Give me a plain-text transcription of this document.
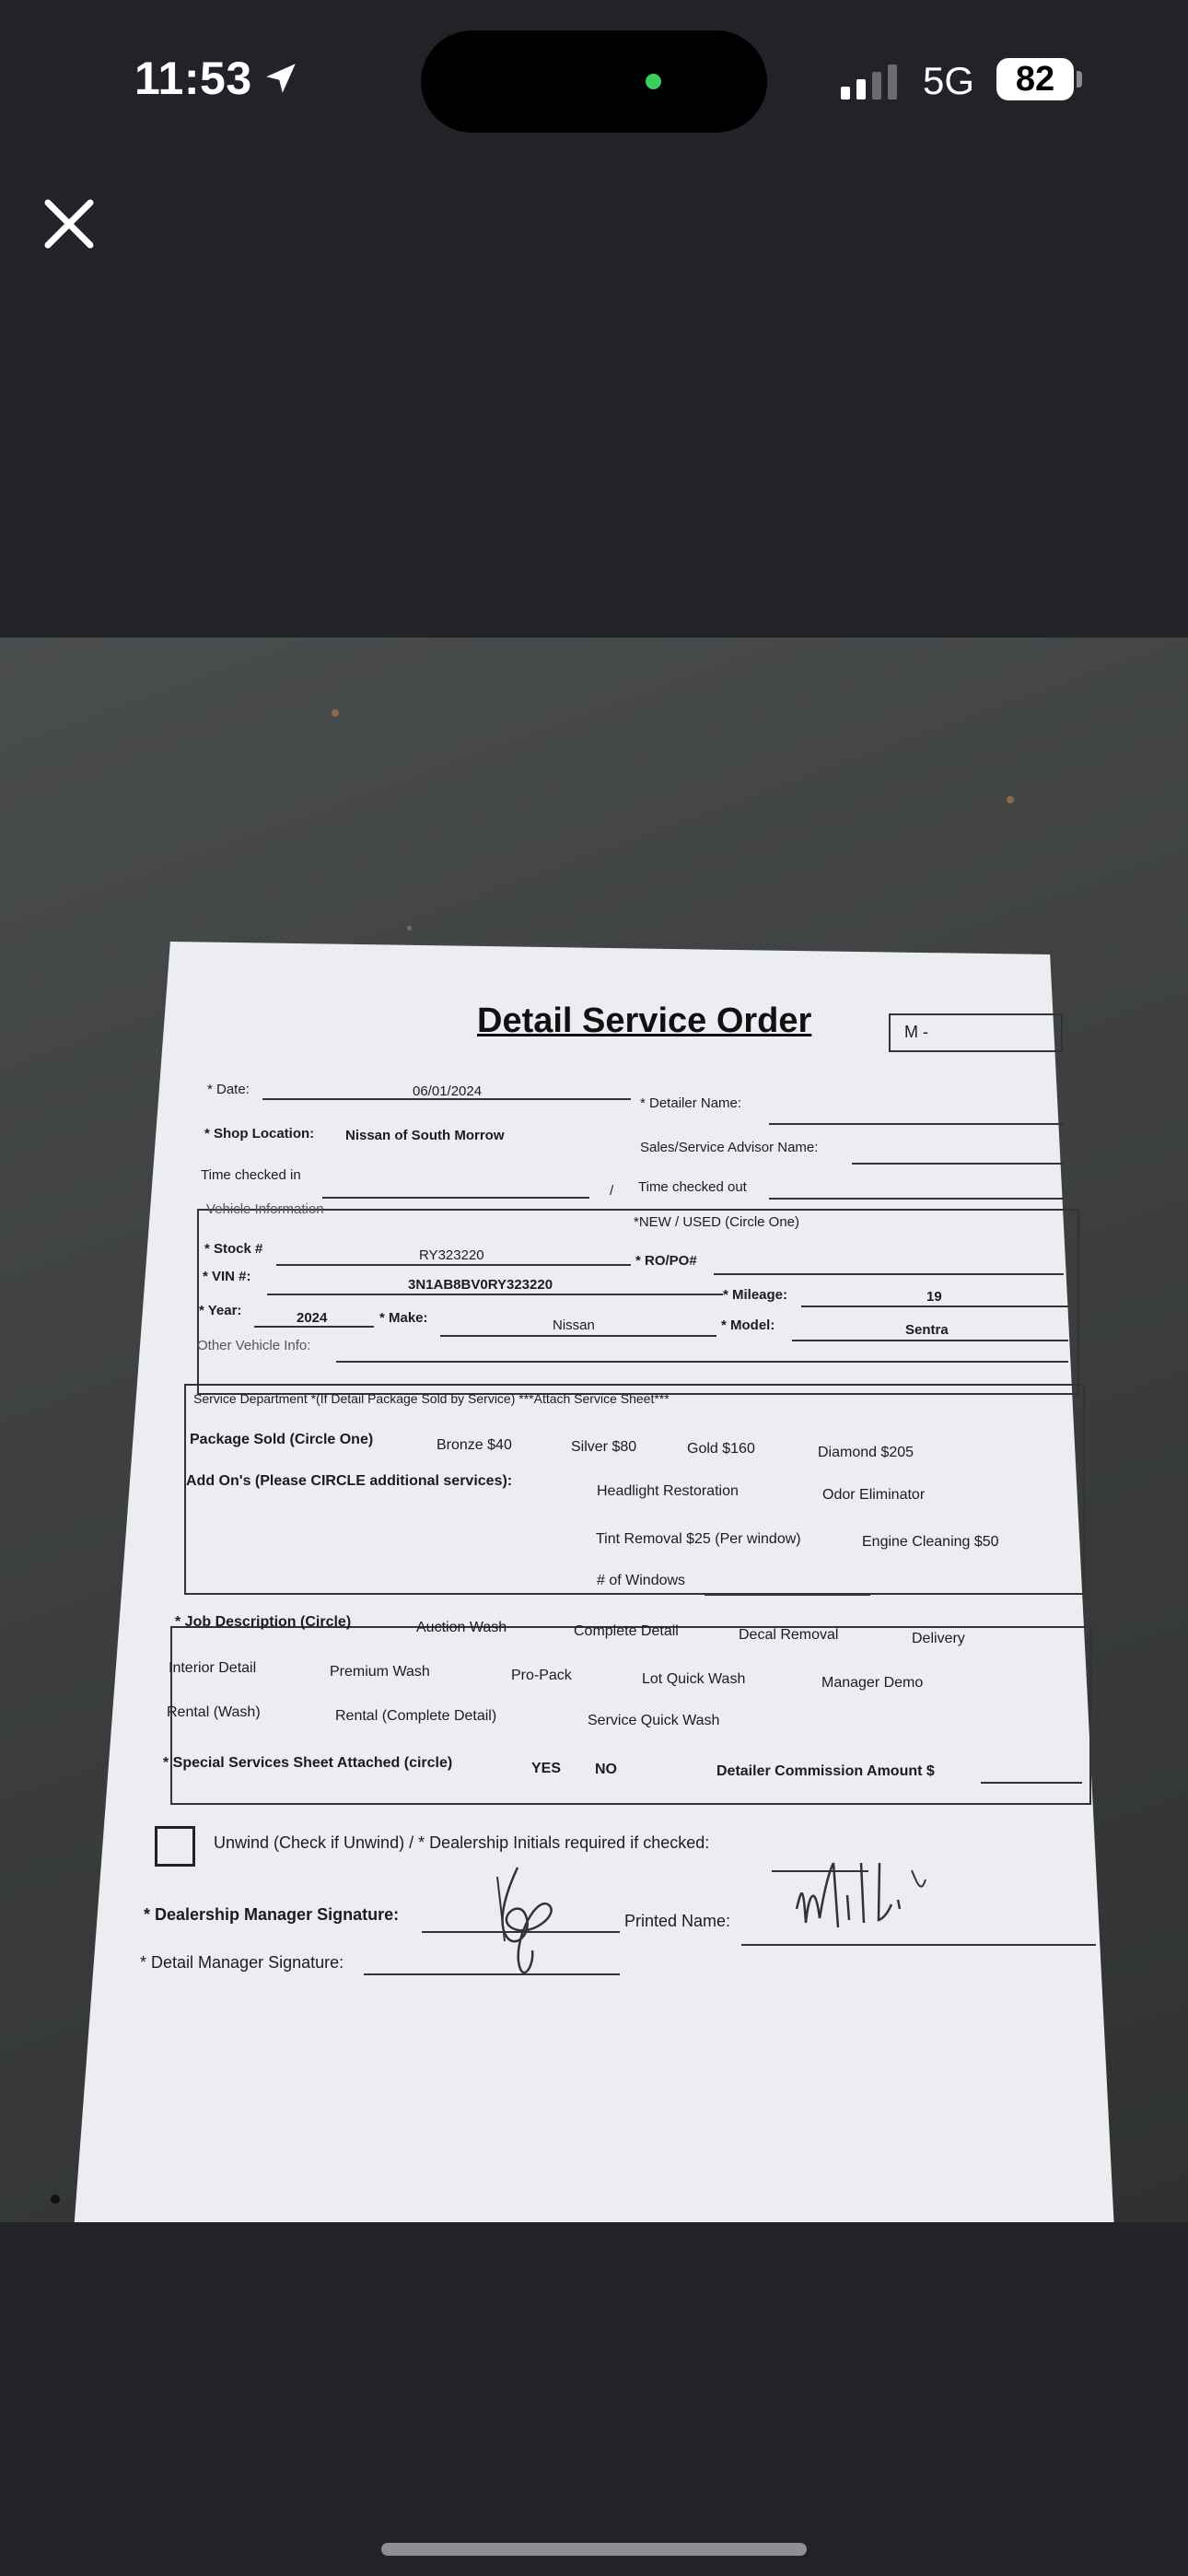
11:53	5G 82
Detail Service Order	M -
* Date:	06/01/2024
* Detailer Name:
* Shop Location: Nissan of South Morrow
Sales/Service Advisor Name:
Time checked in
/ Time checked out
Vehicle Information
*NEW / USED (Circle One)
* Stock #	RY323220	* RO/PO#
* VIN #:
3N1AB8BV0RY323220
* Mileage:	19
* Year:	2024	* Make:	Nissan	* Model:	Sentra
Other Vehicle Info:
Service Department *(If Detail Package Sold by Service) ***Attach Service Sheet***
Package Sold (Circle One)	Bronze $40	Silver $80	Gold $160	Diamond $205
Add On's (Please CIRCLE additional services):
Headlight Restoration	Odor Eliminator
Tint Removal $25 (Per window)	Engine Cleaning $50
# of Windows
* Job Description (Circle)	Auction Wash	Complete Detail	Decal Removal	Delivery
Interior Detail	Premium Wash	Pro-Pack	Lot Quick Wash	Manager Demo
Rental (Wash)	Rental (Complete Detail)	Service Quick Wash
* Special Services Sheet Attached (circle)	YES NO	Detailer Commission Amount $
Unwind (Check if Unwind) / * Dealership Initials required if checked:
* Dealership Manager Signature:	Printed Name:
* Detail Manager Signature:
